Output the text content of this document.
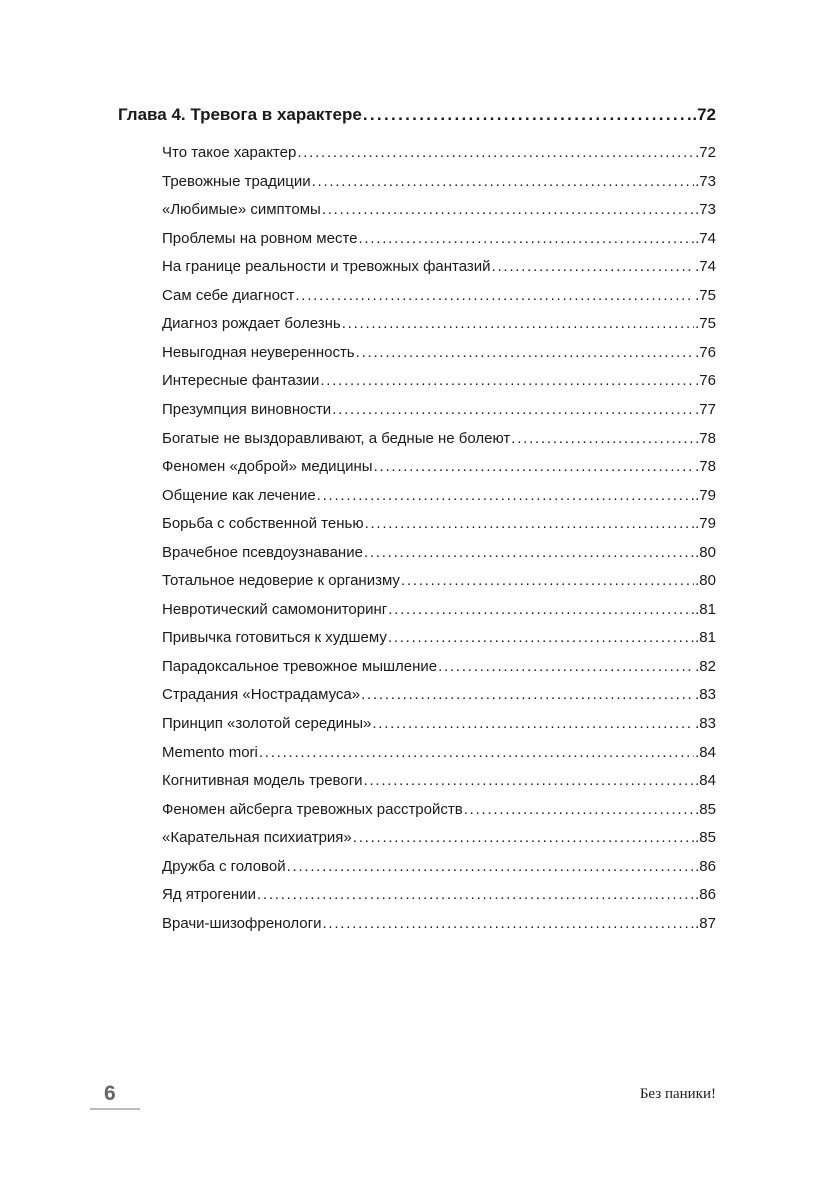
Глава 4. Тревога в характере . . .	.72
Что такое характер . . .	.72
Тревожные традиции . . .	.73
«Любимые» симптомы . . .	.73
Проблемы на ровном месте . . .	.74
На границе реальности и тревожных фантазий . . .	.74
Сам себе диагност . . .	.75
Диагноз рождает болезнь . . .	.75
Невыгодная неуверенность . . .	.76
Интересные фантазии . . .	.76
Презумпция виновности . . .	.77
Богатые не выздоравливают, а бедные не болеют . . .	.78
Феномен «доброй» медицины . . .	.78
Общение как лечение . . .	.79
Борьба с собственной тенью . . .	.79
Врачебное псевдоузнавание . . .	.80
Тотальное недоверие к организму . . .	.80
Невротический самомониторинг . . .	.81
Привычка готовиться к худшему . . .	.81
Парадоксальное тревожное мышление . . .	.82
Страдания «Нострадамуса» . . .	.83
Принцип «золотой середины» . . .	.83
Memento mori . . .	.84
Когнитивная модель тревоги . . .	.84
Феномен айсберга тревожных расстройств . . .	.85
«Карательная психиатрия» . . .	.85
Дружба с головой . . .	.86
Яд ятрогении . . .	.86
Врачи-шизофренологи . . .	.87
6	Без паники!
